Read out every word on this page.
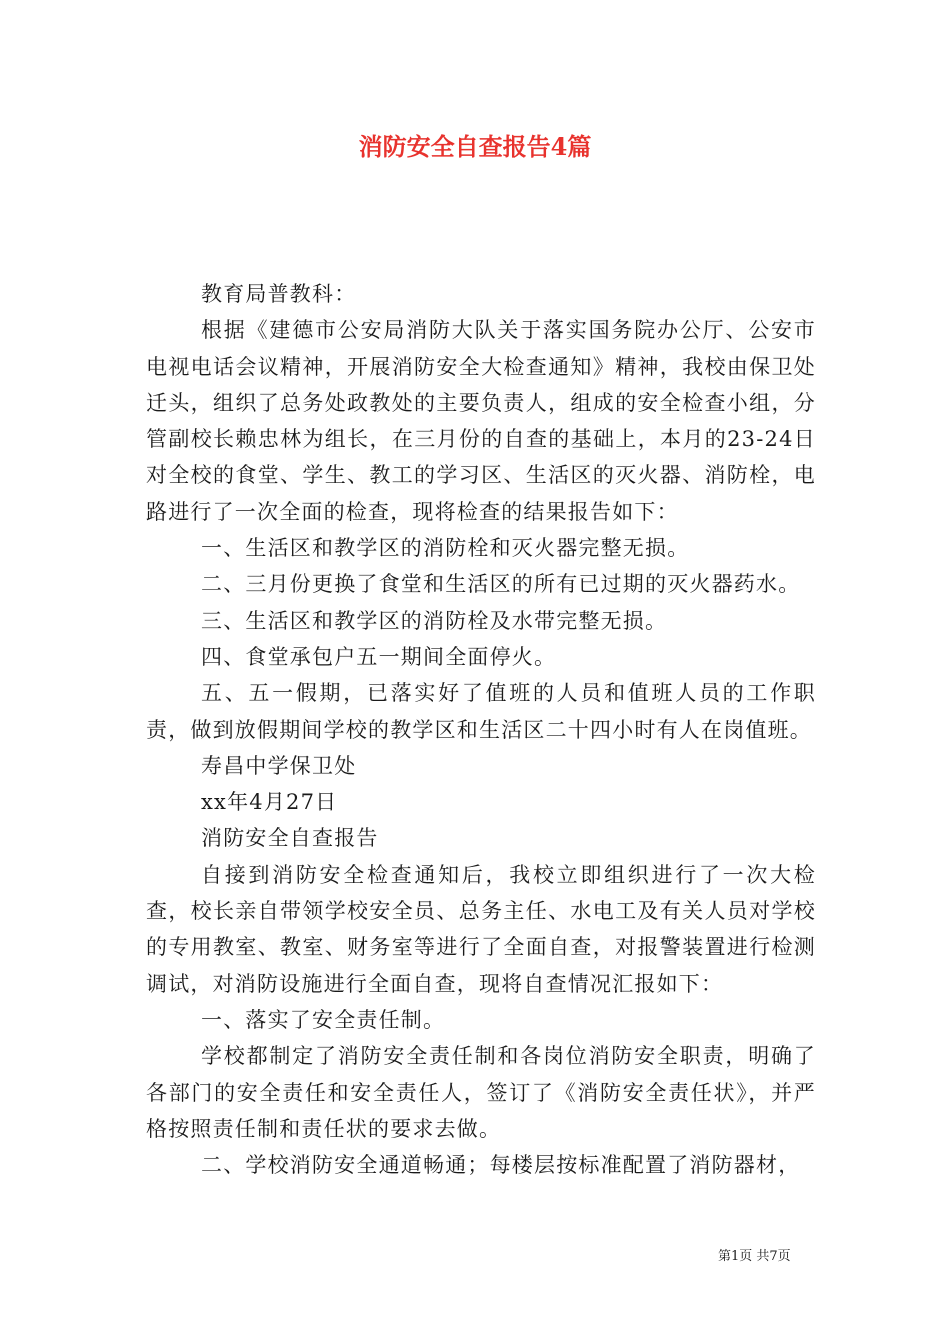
消防安全自查报告4篇

教育局普教科：

根据《建德市公安局消防大队关于落实国务院办公厅、公安市电视电话会议精神，开展消防安全大检查通知》精神，我校由保卫处迁头，组织了总务处政教处的主要负责人，组成的安全检查小组，分管副校长赖忠林为组长，在三月份的自查的基础上，本月的23-24日对全校的食堂、学生、教工的学习区、生活区的灭火器、消防栓，电路进行了一次全面的检查，现将检查的结果报告如下：

一、生活区和教学区的消防栓和灭火器完整无损。

二、三月份更换了食堂和生活区的所有已过期的灭火器药水。

三、生活区和教学区的消防栓及水带完整无损。

四、食堂承包户五一期间全面停火。

五、五一假期，已落实好了值班的人员和值班人员的工作职责，做到放假期间学校的教学区和生活区二十四小时有人在岗值班。

寿昌中学保卫处

xx年4月27日

消防安全自查报告

自接到消防安全检查通知后，我校立即组织进行了一次大检查，校长亲自带领学校安全员、总务主任、水电工及有关人员对学校的专用教室、教室、财务室等进行了全面自查，对报警装置进行检测调试，对消防设施进行全面自查，现将自查情况汇报如下：

一、落实了安全责任制。

学校都制定了消防安全责任制和各岗位消防安全职责，明确了各部门的安全责任和安全责任人，签订了《消防安全责任状》，并严格按照责任制和责任状的要求去做。

二、学校消防安全通道畅通；每楼层按标准配置了消防器材，

第1页 共7页
